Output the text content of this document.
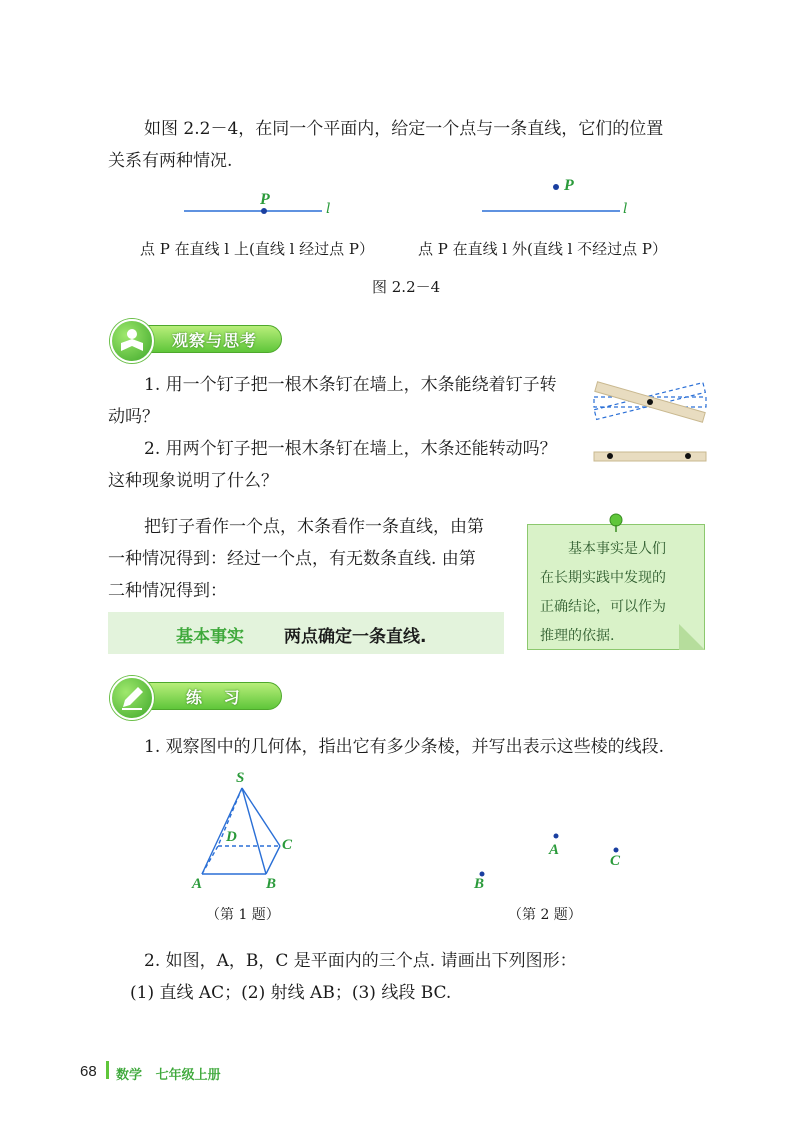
如图 2.2－4，在同一个平面内，给定一个点与一条直线，它们的位置
关系有两种情况.
P
l
P
l
点 P 在直线 l 上(直线 l 经过点 P）	点 P 在直线 l 外(直线 l 不经过点 P）
图 2.2－4
观察与思考
1. 用一个钉子把一根木条钉在墙上，木条能绕着钉子转
动吗？
2. 用两个钉子把一根木条钉在墙上，木条还能转动吗？
这种现象说明了什么？
把钉子看作一个点，木条看作一条直线，由第
一种情况得到：经过一个点，有无数条直线. 由第
二种情况得到：
基本事实 两点确定一条直线.
基本事实是人们
在长期实践中发现的
正确结论，可以作为
推理的依据.
练 习
1. 观察图中的几何体，指出它有多少条棱，并写出表示这些棱的线段.
S
D	C
A	B
（第 1 题）
A
B
C
（第 2 题）
2. 如图，A，B，C 是平面内的三个点. 请画出下列图形：
(1) 直线 AC；(2) 射线 AB；(3) 线段 BC.
68 数学   七年级上册
